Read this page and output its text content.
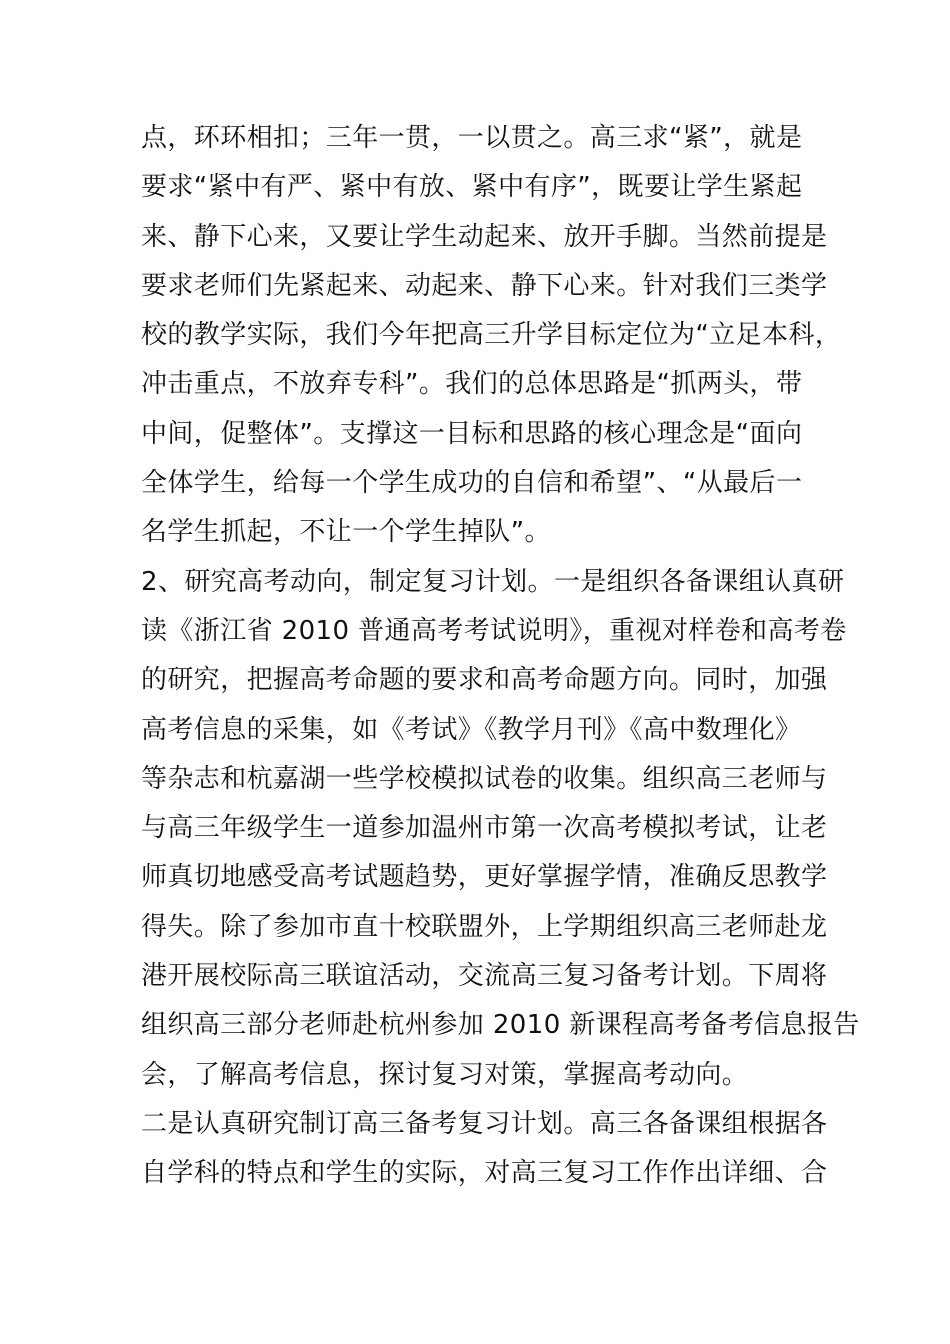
点，环环相扣；三年一贯，一以贯之。高三求“紧”，就是
要求“紧中有严、紧中有放、紧中有序”，既要让学生紧起
来、静下心来，又要让学生动起来、放开手脚。当然前提是
要求老师们先紧起来、动起来、静下心来。针对我们三类学
校的教学实际，我们今年把高三升学目标定位为“立足本科，
冲击重点，不放弃专科”。我们的总体思路是“抓两头，带
中间，促整体”。支撑这一目标和思路的核心理念是“面向
全体学生，给每一个学生成功的自信和希望”、“从最后一
名学生抓起，不让一个学生掉队”。
2、研究高考动向，制定复习计划。一是组织各备课组认真研
读《浙江省 2010 普通高考考试说明》，重视对样卷和高考卷
的研究，把握高考命题的要求和高考命题方向。同时，加强
高考信息的采集，如《考试》《教学月刊》《高中数理化》
等杂志和杭嘉湖一些学校模拟试卷的收集。组织高三老师与
与高三年级学生一道参加温州市第一次高考模拟考试，让老
师真切地感受高考试题趋势，更好掌握学情，准确反思教学
得失。除了参加市直十校联盟外，上学期组织高三老师赴龙
港开展校际高三联谊活动，交流高三复习备考计划。下周将
组织高三部分老师赴杭州参加 2010 新课程高考备考信息报告
会，了解高考信息，探讨复习对策，掌握高考动向。
二是认真研究制订高三备考复习计划。高三各备课组根据各
自学科的特点和学生的实际，对高三复习工作作出详细、合
